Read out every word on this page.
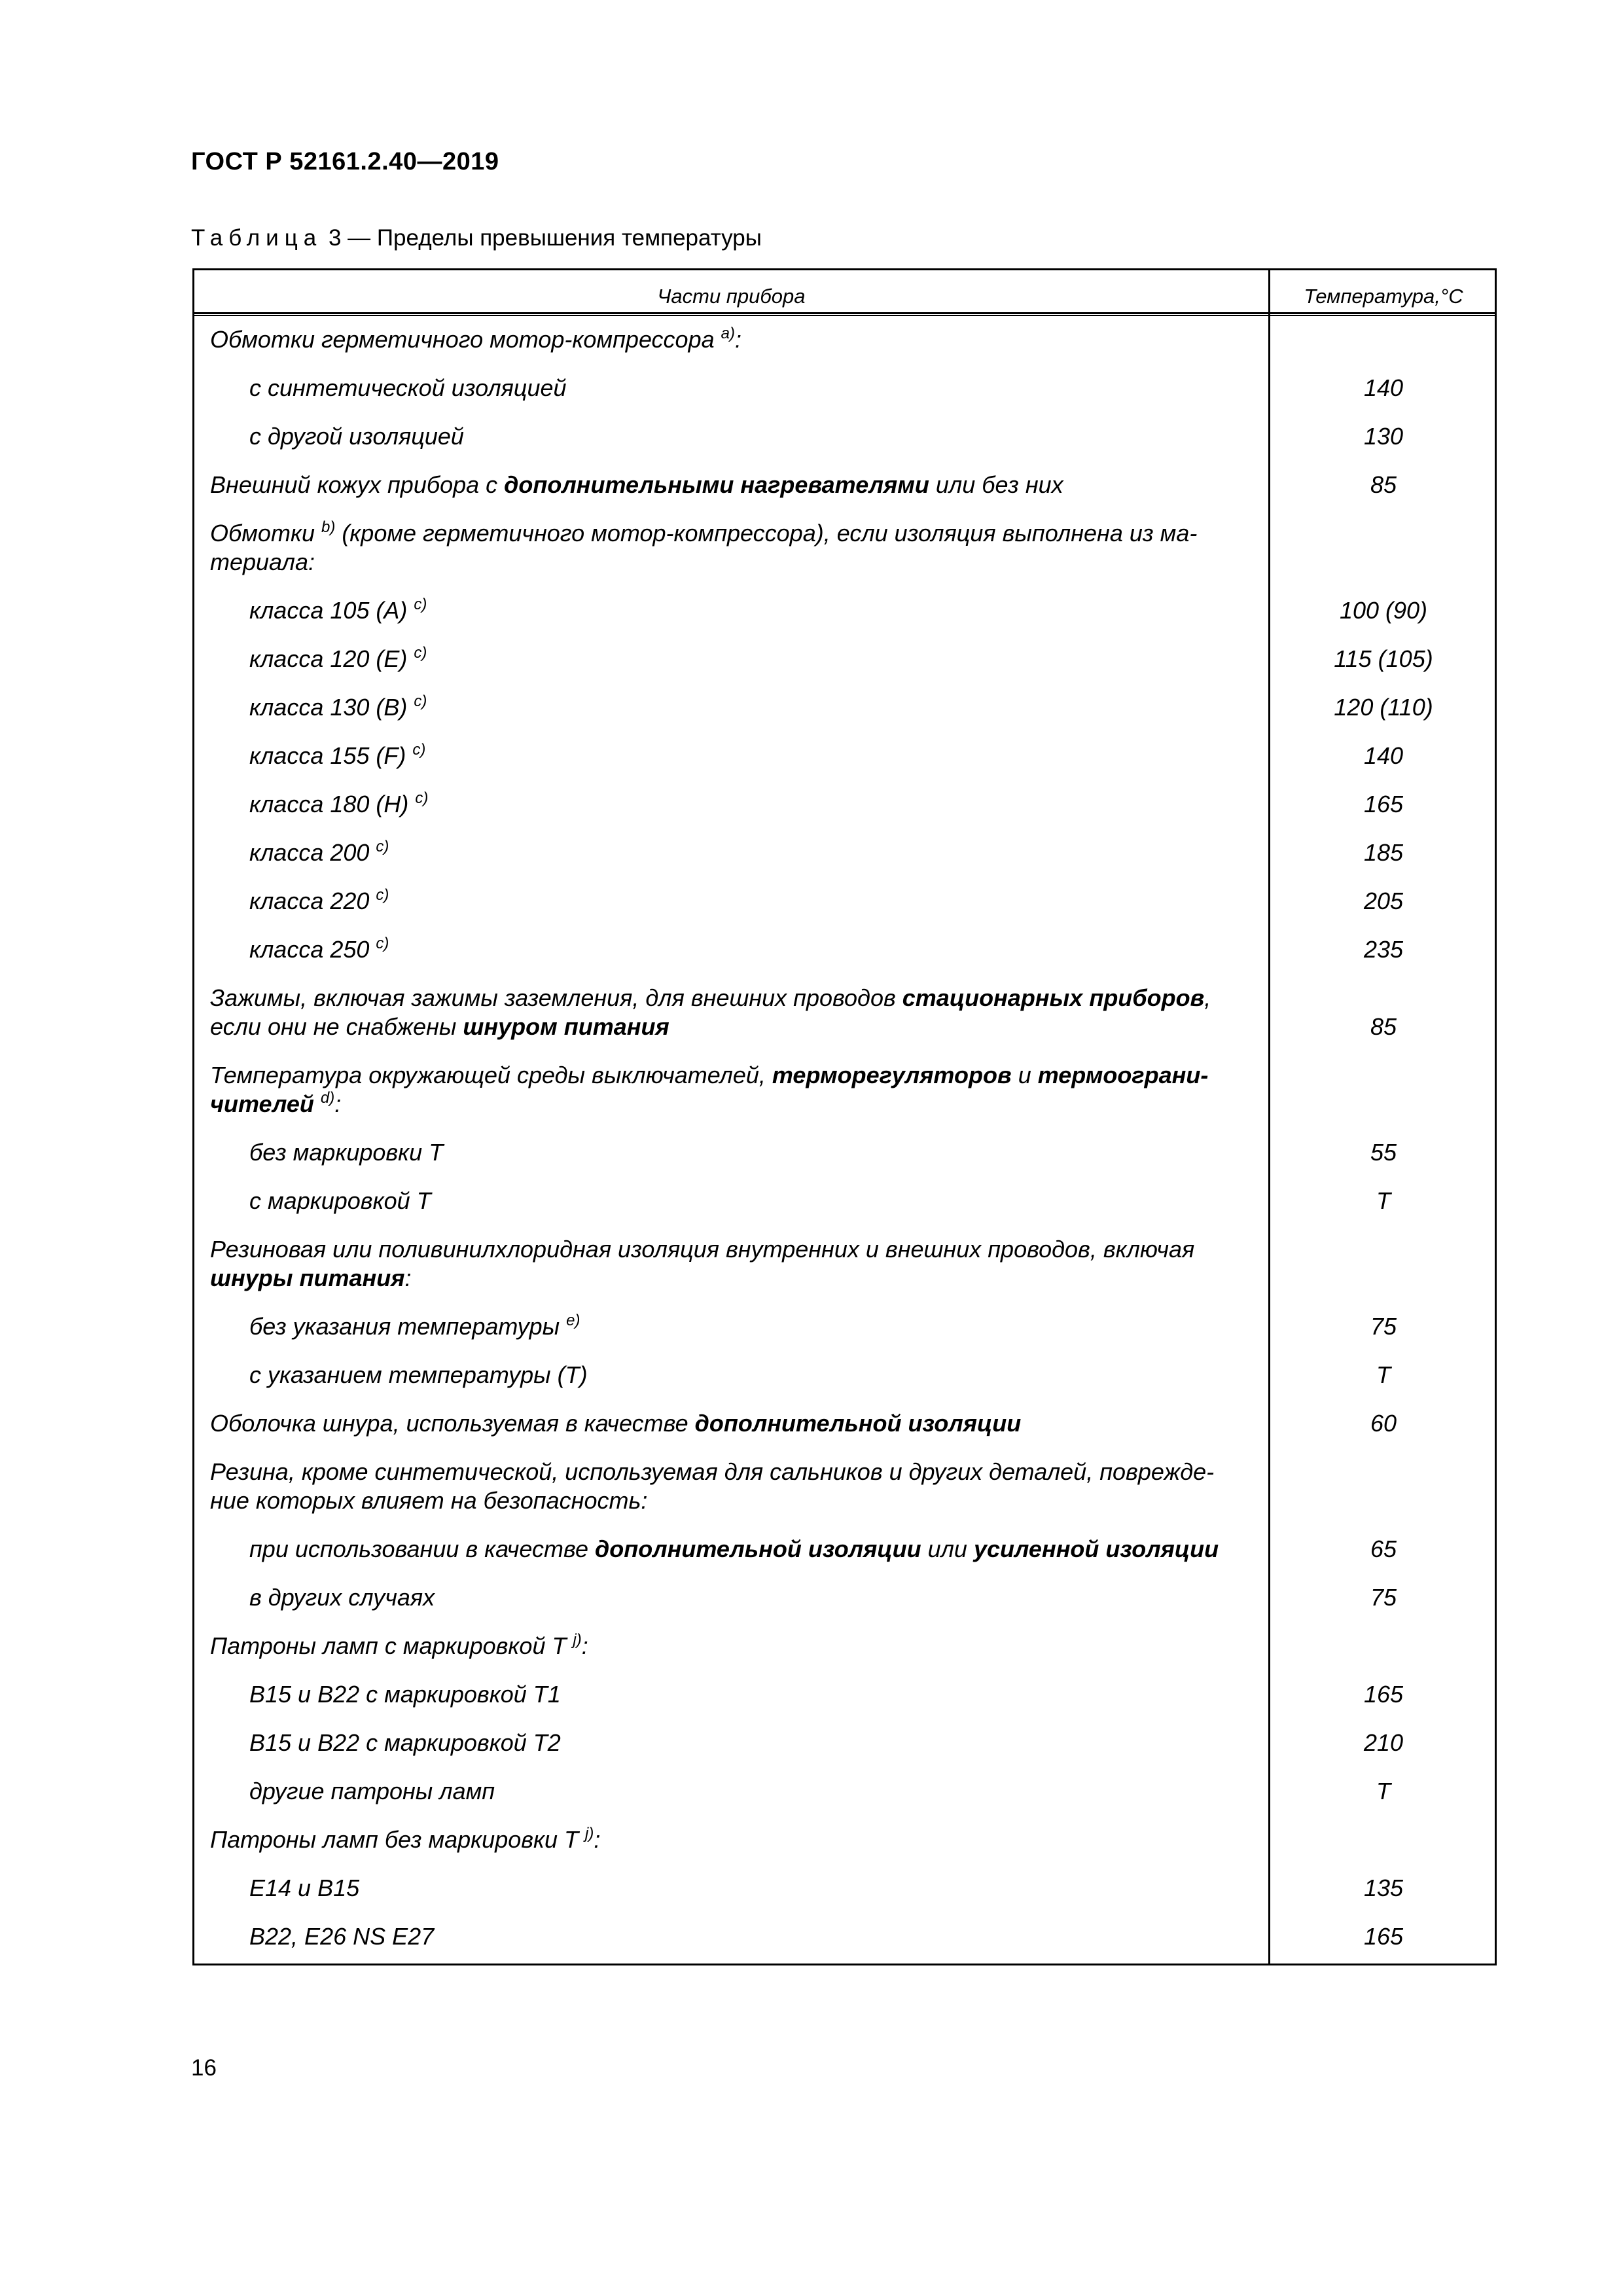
ГОСТ Р 52161.2.40—2019
Таблица 3 — Пределы превышения температуры
Части прибора	Температура,°C
Обмотки герметичного мотор-компрессора $^{a)}$:
с синтетической изоляцией	140
с другой изоляцией	130
Внешний кожух прибора с дополнительными нагревателями или без них	85
Обмотки $^{b)}$ (кроме герметичного мотор-компрессора), если изоляция выполнена из ма-
териала:
класса 105 (А) $^{c)}$	100 (90)
класса 120 (E) $^{c)}$	115 (105)
класса 130 (B) $^{c)}$	120 (110)
класса 155 (F) $^{c)}$	140
класса 180 (H) $^{c)}$	165
класса 200 $^{c)}$	185
класса 220 $^{c)}$	205
класса 250 $^{c)}$	235
Зажимы, включая зажимы заземления, для внешних проводов стационарных приборов,
если они не снабжены шнуром питания	85
Температура окружающей среды выключателей, терморегуляторов и термоограни-
чителей $^{d)}$:
без маркировки T	55
с маркировкой T	T
Резиновая или поливинилхлоридная изоляция внутренних и внешних проводов, включая
шнуры питания:
без указания температуры $^{e)}$	75
с указанием температуры (T)	T
Оболочка шнура, используемая в качестве дополнительной изоляции	60
Резина, кроме синтетической, используемая для сальников и других деталей, поврежде-
ние которых влияет на безопасность:
при использовании в качестве дополнительной изоляции или усиленной изоляции	65
в других случаях	75
Патроны ламп с маркировкой Т $^{j)}$:
В15 и В22 с маркировкой Т1	165
В15 и В22 с маркировкой Т2	210
другие патроны ламп	T
Патроны ламп без маркировки Т $^{j)}$:
E14 и B15	135
B22, E26 NS E27	165
16
